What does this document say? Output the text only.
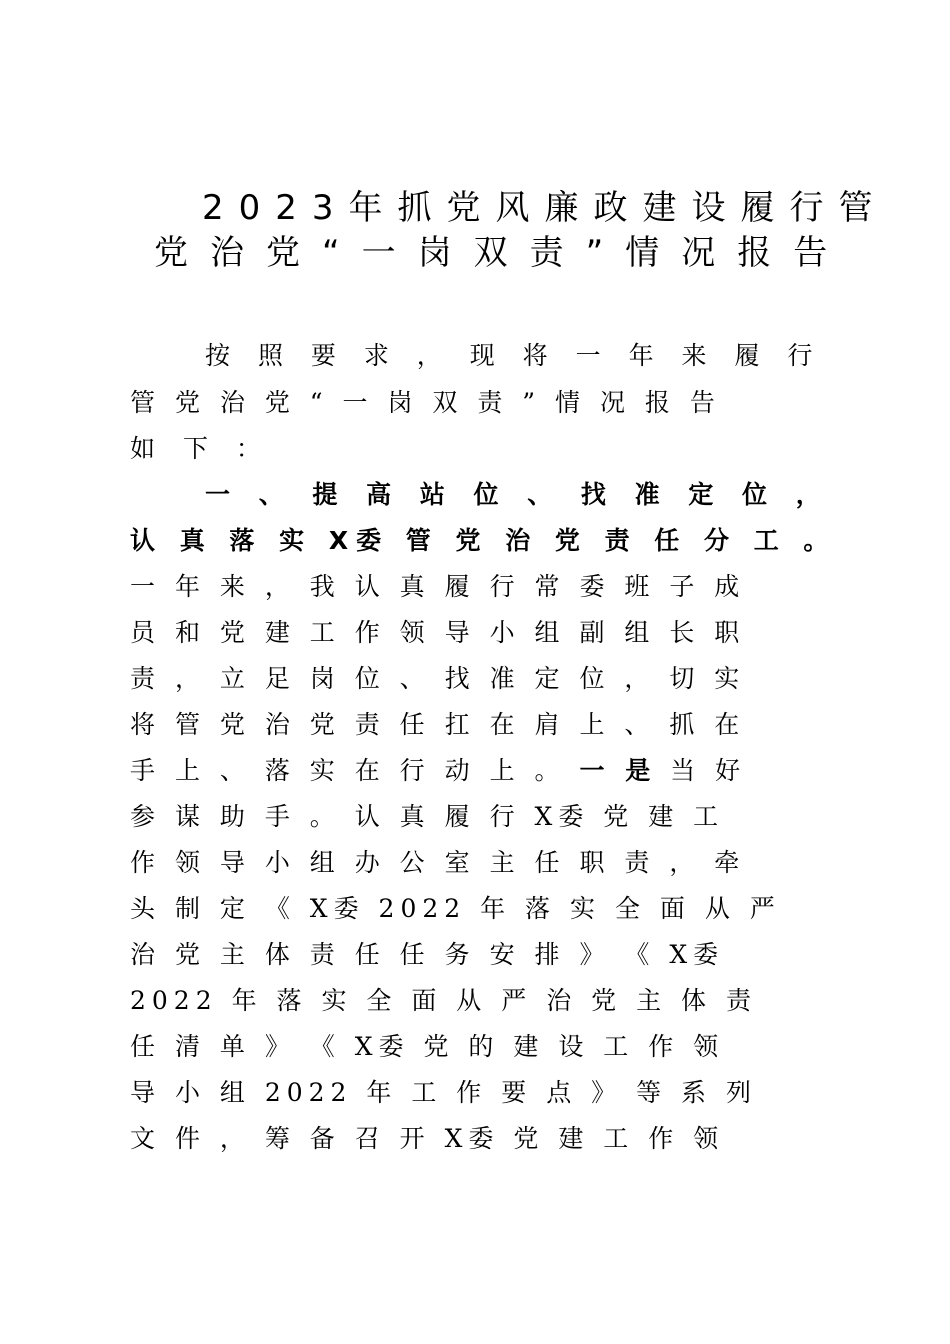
2023年抓党风廉政建设履行管
党治党“一岗双责”情况报告
按 照 要 求 ， 现 将 一 年 来 履 行
管 党 治 党 “ 一 岗 双 责 ” 情 况 报 告
如 下 ：
一 、 提 高 站 位 、 找 准 定 位 ，
认 真 落 实 X委 管 党 治 党 责 任 分 工 。
一 年 来 ， 我 认 真 履 行 常 委 班 子 成
员 和 党 建 工 作 领 导 小 组 副 组 长 职
责 ， 立 足 岗 位 、 找 准 定 位 ， 切 实
将 管 党 治 党 责 任 扛 在 肩 上 、 抓 在
手 上 、 落 实 在 行 动 上 。 一 是 当 好
参 谋 助 手 。 认 真 履 行 X委 党 建 工
作 领 导 小 组 办 公 室 主 任 职 责 ， 牵
头 制 定 《 X委 2022 年 落 实 全 面 从 严
治 党 主 体 责 任 任 务 安 排 》 《 X委
2022 年 落 实 全 面 从 严 治 党 主 体 责
任 清 单 》 《 X委 党 的 建 设 工 作 领
导 小 组 2022 年 工 作 要 点 》 等 系 列
文 件 ， 筹 备 召 开 X委 党 建 工 作 领
